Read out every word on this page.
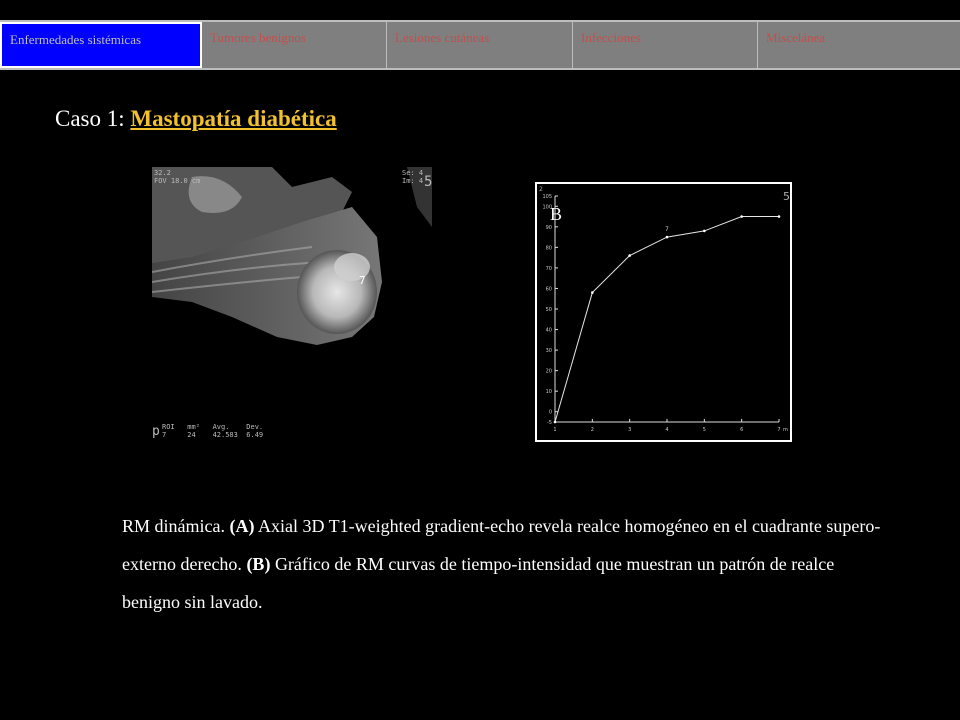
Enfermedades sistémicas	Tumores benignos	Lesiones cutáneas	Infecciones	Miscelánea
Caso 1: Mastopatía diabética
32.2
FOV 18.0 cm
Se: 4
Im: 4 5
7
p ROI   mm²   Avg.    Dev.
7     24    42.583  6.49
105
100
90
80
70
60
50
40
30
20
10
0
-5
1	2	3	4	5	6	7 m
7
B
2
5
RM dinámica. (A) Axial 3D T1-weighted gradient-echo revela realce homogéneo en el cuadrante supero-externo derecho. (B) Gráfico de RM curvas de tiempo-intensidad que muestran un patrón de realce benigno sin lavado.
